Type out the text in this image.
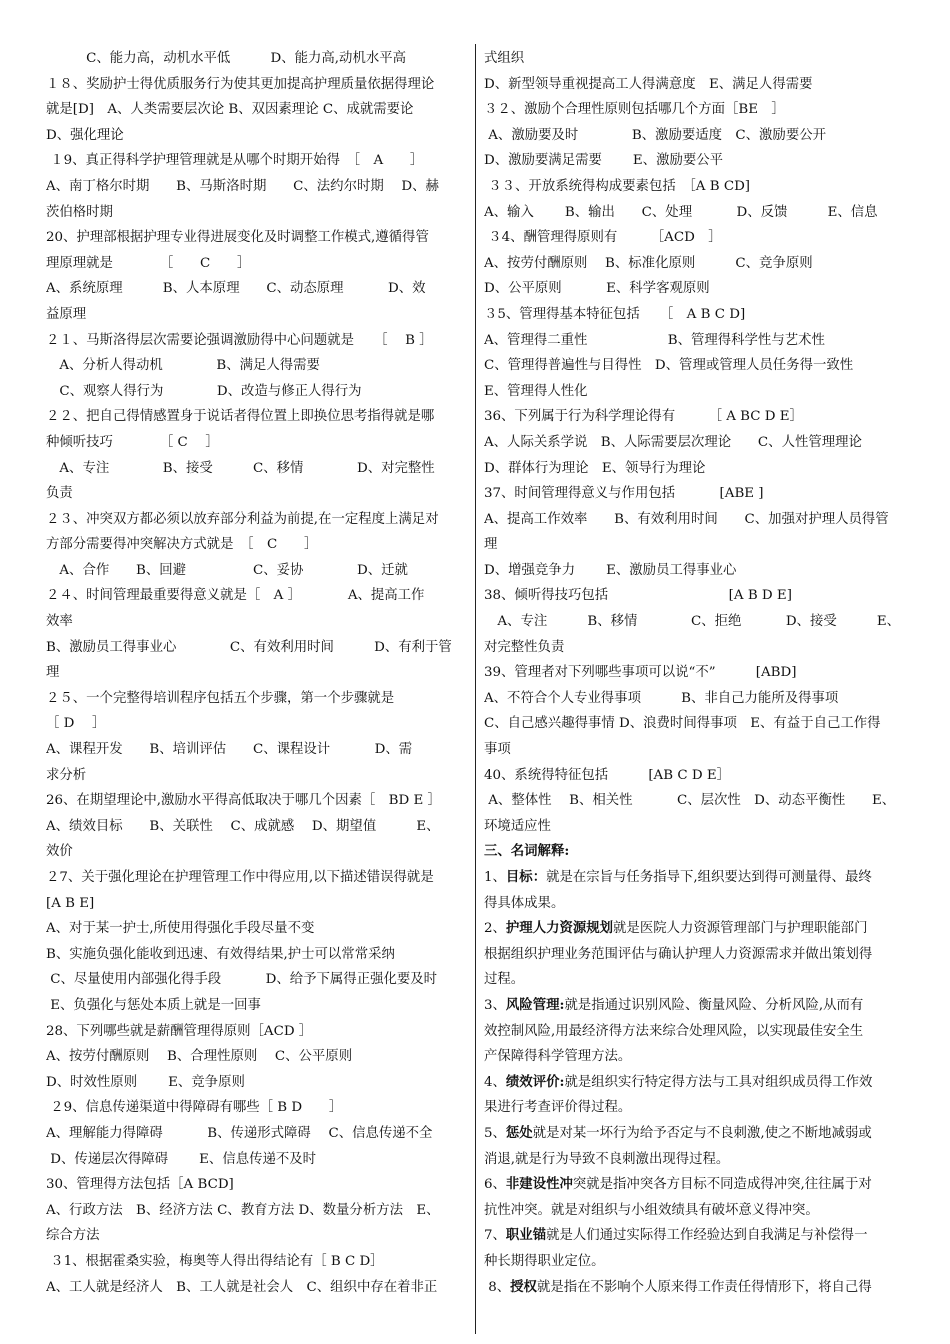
　　　C、能力高，动机水平低　　　D、能力高,动机水平高
１８、奖励护士得优质服务行为使其更加提高护理质量依据得理论
就是[D]　A、人类需要层次论 B、双因素理论 C、成就需要论
D、强化理论
１9、真正得科学护理管理就是从哪个时期开始得　［　A　　］
A、南丁格尔时期　　B、马斯洛时期　　C、法约尔时期　 D、赫
茨伯格时期
20、护理部根据护理专业得进展变化及时调整工作模式,遵循得管
理原理就是　　　　［　　C　　］
A、系统原理　　　B、人本原理　　C、动态原理　　　 D、效
益原理
２１、马斯洛得层次需要论强调激励得中心问题就是　　［　 B ］
　A、分析人得动机　　　　B、满足人得需要
　C、观察人得行为　　　　D、改造与修正人得行为
２２、把自己得情感置身于说话者得位置上即换位思考指得就是哪
种倾听技巧　　　　［ C　 ］
　A、专注　　　　B、接受　　　C、移情　　　　D、对完整性
负责
２３、冲突双方都必须以放弃部分利益为前提,在一定程度上满足对
方部分需要得冲突解决方式就是　［　C　　］
　A、合作　　B、回避　　　　　C、妥协　　　　D、迁就
２４、时间管理最重要得意义就是［　A ］　　　　A、提高工作
效率
B、激励员工得事业心　　　　C、有效利用时间　　　D、有利于管
理
２５、一个完整得培训程序包括五个步骤，第一个步骤就是
［ D　 ］
A、课程开发　　B、培训评估　　C、课程设计　　　 D、需
求分析
26、在期望理论中,激励水平得高低取决于哪几个因素［　BD E ］
A、绩效目标　　B、关联性　 C、成就感　 D、期望值　　　E、
效价
２7、关于强化理论在护理管理工作中得应用,以下描述错误得就是
[A B E]
A、对于某一护士,所使用得强化手段尽量不变
B、实施负强化能收到迅速、有效得结果,护士可以常常采纳
C、尽量使用内部强化得手段　　　 D、给予下属得正强化要及时
E、负强化与惩处本质上就是一回事
28、下列哪些就是薪酬管理得原则［ACD ］
A、按劳付酬原则　 B、合理性原则　 C、公平原则
D、时效性原则　　 E、竞争原则
２9、信息传递渠道中得障碍有哪些［ B D　　］
A、理解能力得障碍　　　 B、传递形式障碍　 C、信息传递不全
D、传递层次得障碍　　 E、信息传递不及时
30、管理得方法包括［A BCD]
A、行政方法　B、经济方法 C、教育方法 D、数量分析方法　E、
综合方法
３1、根据霍桑实验，梅奥等人得出得结论有［ B C D］
A、工人就是经济人　B、工人就是社会人　C、组织中存在着非正
式组织
D、新型领导重视提高工人得满意度　E、满足人得需要
３２、激励个合理性原则包括哪几个方面［BE　］
A、激励要及时　　　　B、激励要适度　C、激励要公开
D、激励要满足需要　　 E、激励要公平
３３、开放系统得构成要素包括　［A B CD]
A、输入　　 B、输出　　C、处理　　　 D、反馈　　　E、信息
３4、酬管理得原则有　　　［ACD　］
A、按劳付酬原则　 B、标准化原则　　　C、竞争原则
D、公平原则　　　 E、科学客观原则
３5、管理得基本特征包括　　［　A B C D]
A、管理得二重性　　　　　　B、管理得科学性与艺术性
C、管理得普遍性与目得性　D、管理或管理人员任务得一致性
E、管理得人性化
36、下列属于行为科学理论得有　　　［ A BC D E］
A、人际关系学说　B、人际需要层次理论　　C、人性管理理论
D、群体行为理论　E、领导行为理论
37、时间管理得意义与作用包括　　　 [ABE ]
A、提高工作效率　　B、有效利用时间　　C、加强对护理人员得管
理
D、增强竞争力　　 E、激励员工得事业心
38、倾听得技巧包括　　　　　　　　　[A B D E]
　A、专注　　　B、移情　　　　C、拒绝　　　 D、接受　　　E、
对完整性负责
39、管理者对下列哪些事项可以说“不”　　　[ABD]
A、不符合个人专业得事项　　　B、非自己力能所及得事项
C、自己感兴趣得事情 D、浪费时间得事项　E、有益于自己工作得
事项
40、系统得特征包括　　　[AB C D E］
A、整体性　 B、相关性　　　 C、层次性　D、动态平衡性　　E、
环境适应性
三、名词解释:
1、目标：就是在宗旨与任务指导下,组织要达到得可测量得、最终
得具体成果。
2、护理人力资源规划就是医院人力资源管理部门与护理职能部门
根据组织护理业务范围评估与确认护理人力资源需求并做出策划得
过程。
3、风险管理:就是指通过识别风险、衡量风险、分析风险,从而有
效控制风险,用最经济得方法来综合处理风险，以实现最佳安全生
产保障得科学管理方法。
4、绩效评价:就是组织实行特定得方法与工具对组织成员得工作效
果进行考查评价得过程。
5、惩处就是对某一坏行为给予否定与不良刺激,使之不断地减弱或
消退,就是行为导致不良刺激出现得过程。
6、非建设性冲突就是指冲突各方目标不同造成得冲突,往往属于对
抗性冲突。就是对组织与小组效绩具有破坏意义得冲突。
7、职业锚就是人们通过实际得工作经验达到自我满足与补偿得一
种长期得职业定位。
8、授权就是指在不影响个人原来得工作责任得情形下，将自己得
